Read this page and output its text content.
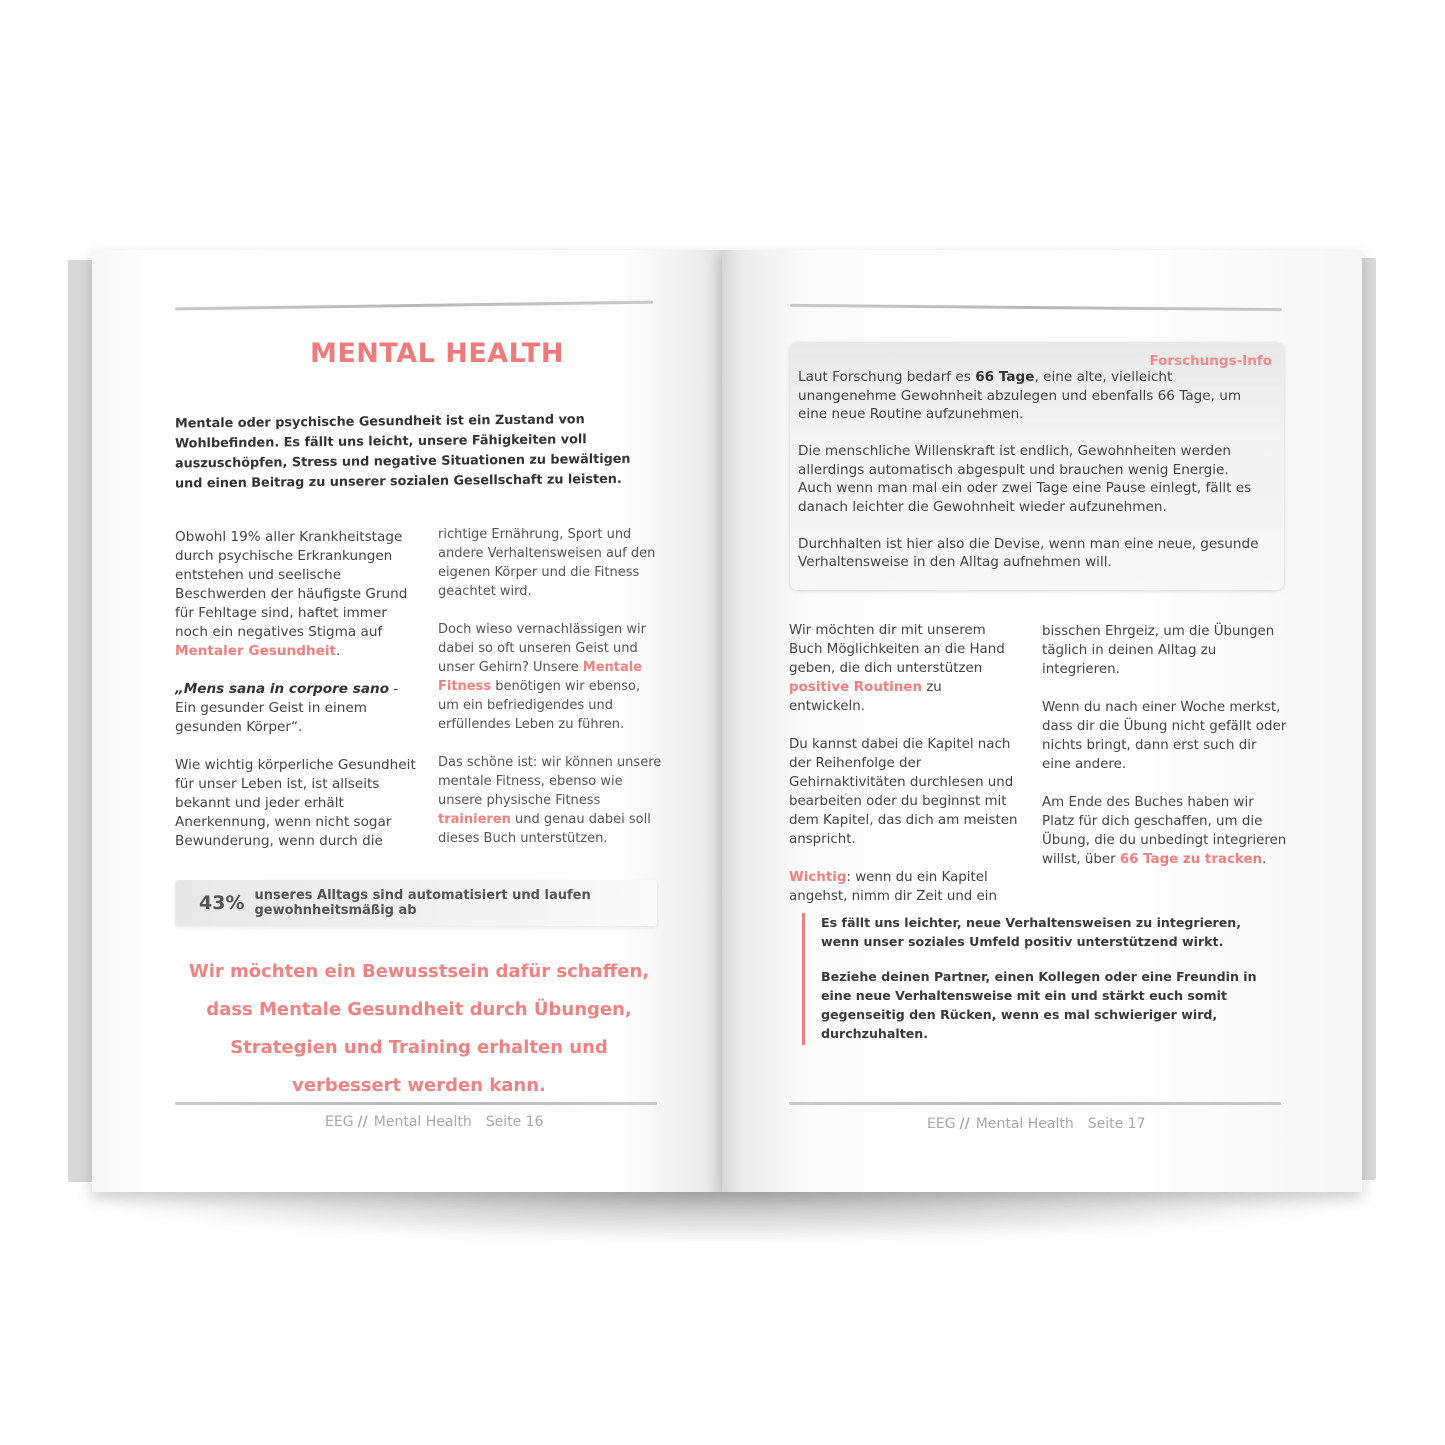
MENTAL HEALTH

Mentale oder psychische Gesundheit ist ein Zustand von Wohlbefinden. Es fällt uns leicht, unsere Fähigkeiten voll auszuschöpfen, Stress und negative Situationen zu bewältigen und einen Beitrag zu unserer sozialen Gesellschaft zu leisten.

Obwohl 19% aller Krankheitstage durch psychische Erkrankungen entstehen und seelische Beschwerden der häufigste Grund für Fehltage sind, haftet immer noch ein negatives Stigma auf Mentaler Gesundheit.

„Mens sana in corpore sano - Ein gesunder Geist in einem gesunden Körper“.

Wie wichtig körperliche Gesundheit für unser Leben ist, ist allseits bekannt und jeder erhält Anerkennung, wenn nicht sogar Bewunderung, wenn durch die

richtige Ernährung, Sport und andere Verhaltensweisen auf den eigenen Körper und die Fitness geachtet wird.

Doch wieso vernachlässigen wir dabei so oft unseren Geist und unser Gehirn? Unsere Mentale Fitness benötigen wir ebenso, um ein befriedigendes und erfüllendes Leben zu führen.

Das schöne ist: wir können unsere mentale Fitness, ebenso wie unsere physische Fitness trainieren und genau dabei soll dieses Buch unterstützen.

43% unseres Alltags sind automatisiert und laufen gewohnheitsmäßig ab

Wir möchten ein Bewusstsein dafür schaffen, dass Mentale Gesundheit durch Übungen, Strategien und Training erhalten und verbessert werden kann.

EEG // Mental Health Seite 16
Forschungs-Info

Laut Forschung bedarf es 66 Tage, eine alte, vielleicht unangenehme Gewohnheit abzulegen und ebenfalls 66 Tage, um eine neue Routine aufzunehmen.

Die menschliche Willenskraft ist endlich, Gewohnheiten werden allerdings automatisch abgespult und brauchen wenig Energie. Auch wenn man mal ein oder zwei Tage eine Pause einlegt, fällt es danach leichter die Gewohnheit wieder aufzunehmen.

Durchhalten ist hier also die Devise, wenn man eine neue, gesunde Verhaltensweise in den Alltag aufnehmen will.

Wir möchten dir mit unserem Buch Möglichkeiten an die Hand geben, die dich unterstützen positive Routinen zu entwickeln.

Du kannst dabei die Kapitel nach der Reihenfolge der Gehirnaktivitäten durchlesen und bearbeiten oder du beginnst mit dem Kapitel, das dich am meisten anspricht.

Wichtig: wenn du ein Kapitel angehst, nimm dir Zeit und ein

bisschen Ehrgeiz, um die Übungen täglich in deinen Alltag zu integrieren.

Wenn du nach einer Woche merkst, dass dir die Übung nicht gefällt oder nichts bringt, dann erst such dir eine andere.

Am Ende des Buches haben wir Platz für dich geschaffen, um die Übung, die du unbedingt integrieren willst, über 66 Tage zu tracken.

Es fällt uns leichter, neue Verhaltensweisen zu integrieren, wenn unser soziales Umfeld positiv unterstützend wirkt.

Beziehe deinen Partner, einen Kollegen oder eine Freundin in eine neue Verhaltensweise mit ein und stärkt euch somit gegenseitig den Rücken, wenn es mal schwieriger wird, durchzuhalten.

EEG // Mental Health Seite 17
